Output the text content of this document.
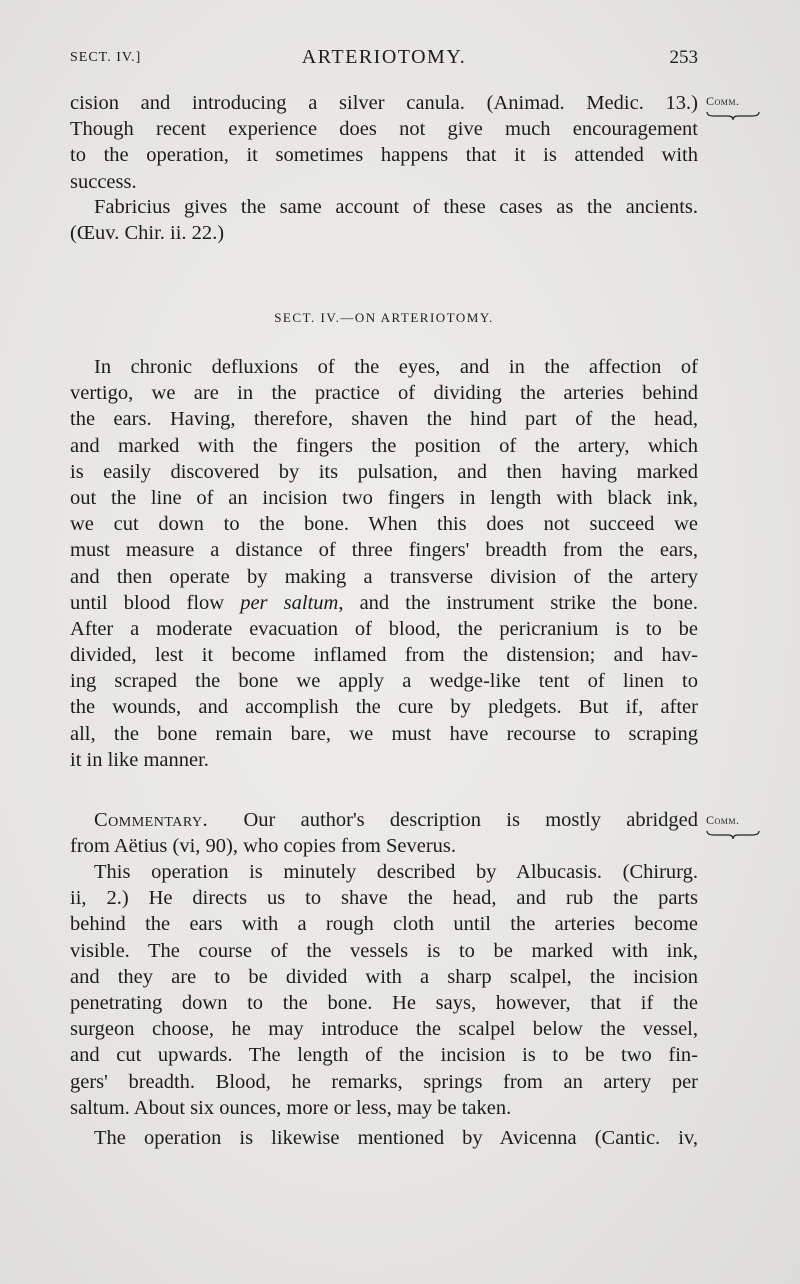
SECT. IV.]	ARTERIOTOMY.	253
Comm.
cision and introducing a silver canula. (Animad. Medic. 13.)
Though recent experience does not give much encouragement
to the operation, it sometimes happens that it is attended with
success.
Fabricius gives the same account of these cases as the ancients.
(Œuv. Chir. ii. 22.)
SECT. IV.—ON ARTERIOTOMY.
In chronic defluxions of the eyes, and in the affection of
vertigo, we are in the practice of dividing the arteries behind
the ears. Having, therefore, shaven the hind part of the head,
and marked with the fingers the position of the artery, which
is easily discovered by its pulsation, and then having marked
out the line of an incision two fingers in length with black ink,
we cut down to the bone. When this does not succeed we
must measure a distance of three fingers' breadth from the ears,
and then operate by making a transverse division of the artery
until blood flow per saltum, and the instrument strike the bone.
After a moderate evacuation of blood, the pericranium is to be
divided, lest it become inflamed from the distension; and hav-
ing scraped the bone we apply a wedge-like tent of linen to
the wounds, and accomplish the cure by pledgets. But if, after
all, the bone remain bare, we must have recourse to scraping
it in like manner.
Comm.
Commentary. Our author's description is mostly abridged
from Aëtius (vi, 90), who copies from Severus.
This operation is minutely described by Albucasis. (Chirurg.
ii, 2.) He directs us to shave the head, and rub the parts
behind the ears with a rough cloth until the arteries become
visible. The course of the vessels is to be marked with ink,
and they are to be divided with a sharp scalpel, the incision
penetrating down to the bone. He says, however, that if the
surgeon choose, he may introduce the scalpel below the vessel,
and cut upwards. The length of the incision is to be two fin-
gers' breadth. Blood, he remarks, springs from an artery per
saltum. About six ounces, more or less, may be taken.
The operation is likewise mentioned by Avicenna (Cantic. iv,
